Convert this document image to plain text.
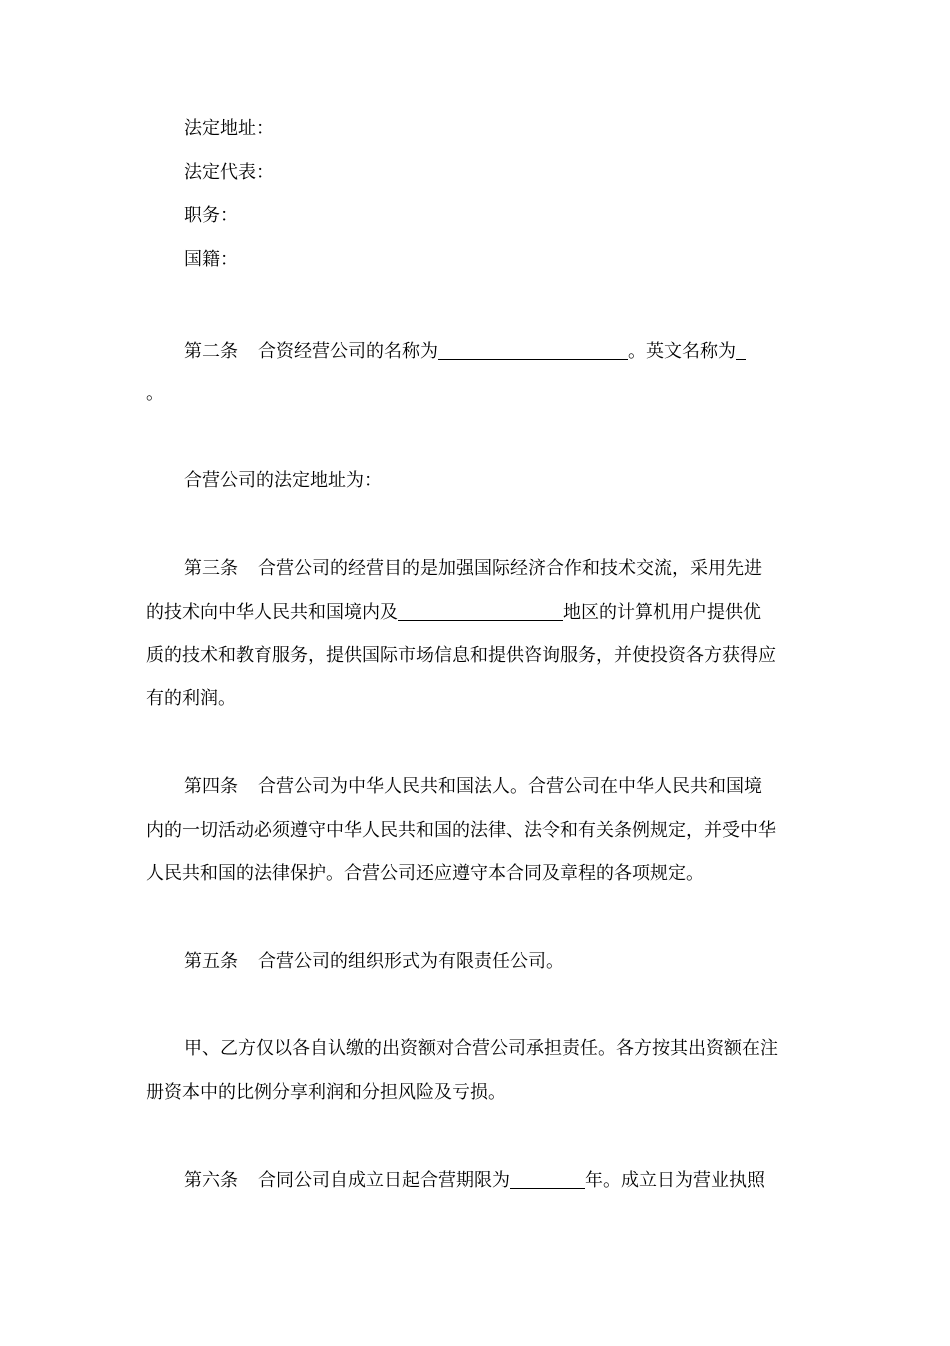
法定地址：
法定代表：
职务：
国籍：
第二条 合资经营公司的名称为	。英文名称为
。
合营公司的法定地址为：
第三条 合营公司的经营目的是加强国际经济合作和技术交流，采用先进
的技术向中华人民共和国境内及	地区的计算机用户提供优
质的技术和教育服务，提供国际市场信息和提供咨询服务，并使投资各方获得应
有的利润。
第四条 合营公司为中华人民共和国法人。合营公司在中华人民共和国境
内的一切活动必须遵守中华人民共和国的法律、法令和有关条例规定，并受中华
人民共和国的法律保护。合营公司还应遵守本合同及章程的各项规定。
第五条 合营公司的组织形式为有限责任公司。
甲、乙方仅以各自认缴的出资额对合营公司承担责任。各方按其出资额在注
册资本中的比例分享利润和分担风险及亏损。
第六条 合同公司自成立日起合营期限为	年。成立日为营业执照
